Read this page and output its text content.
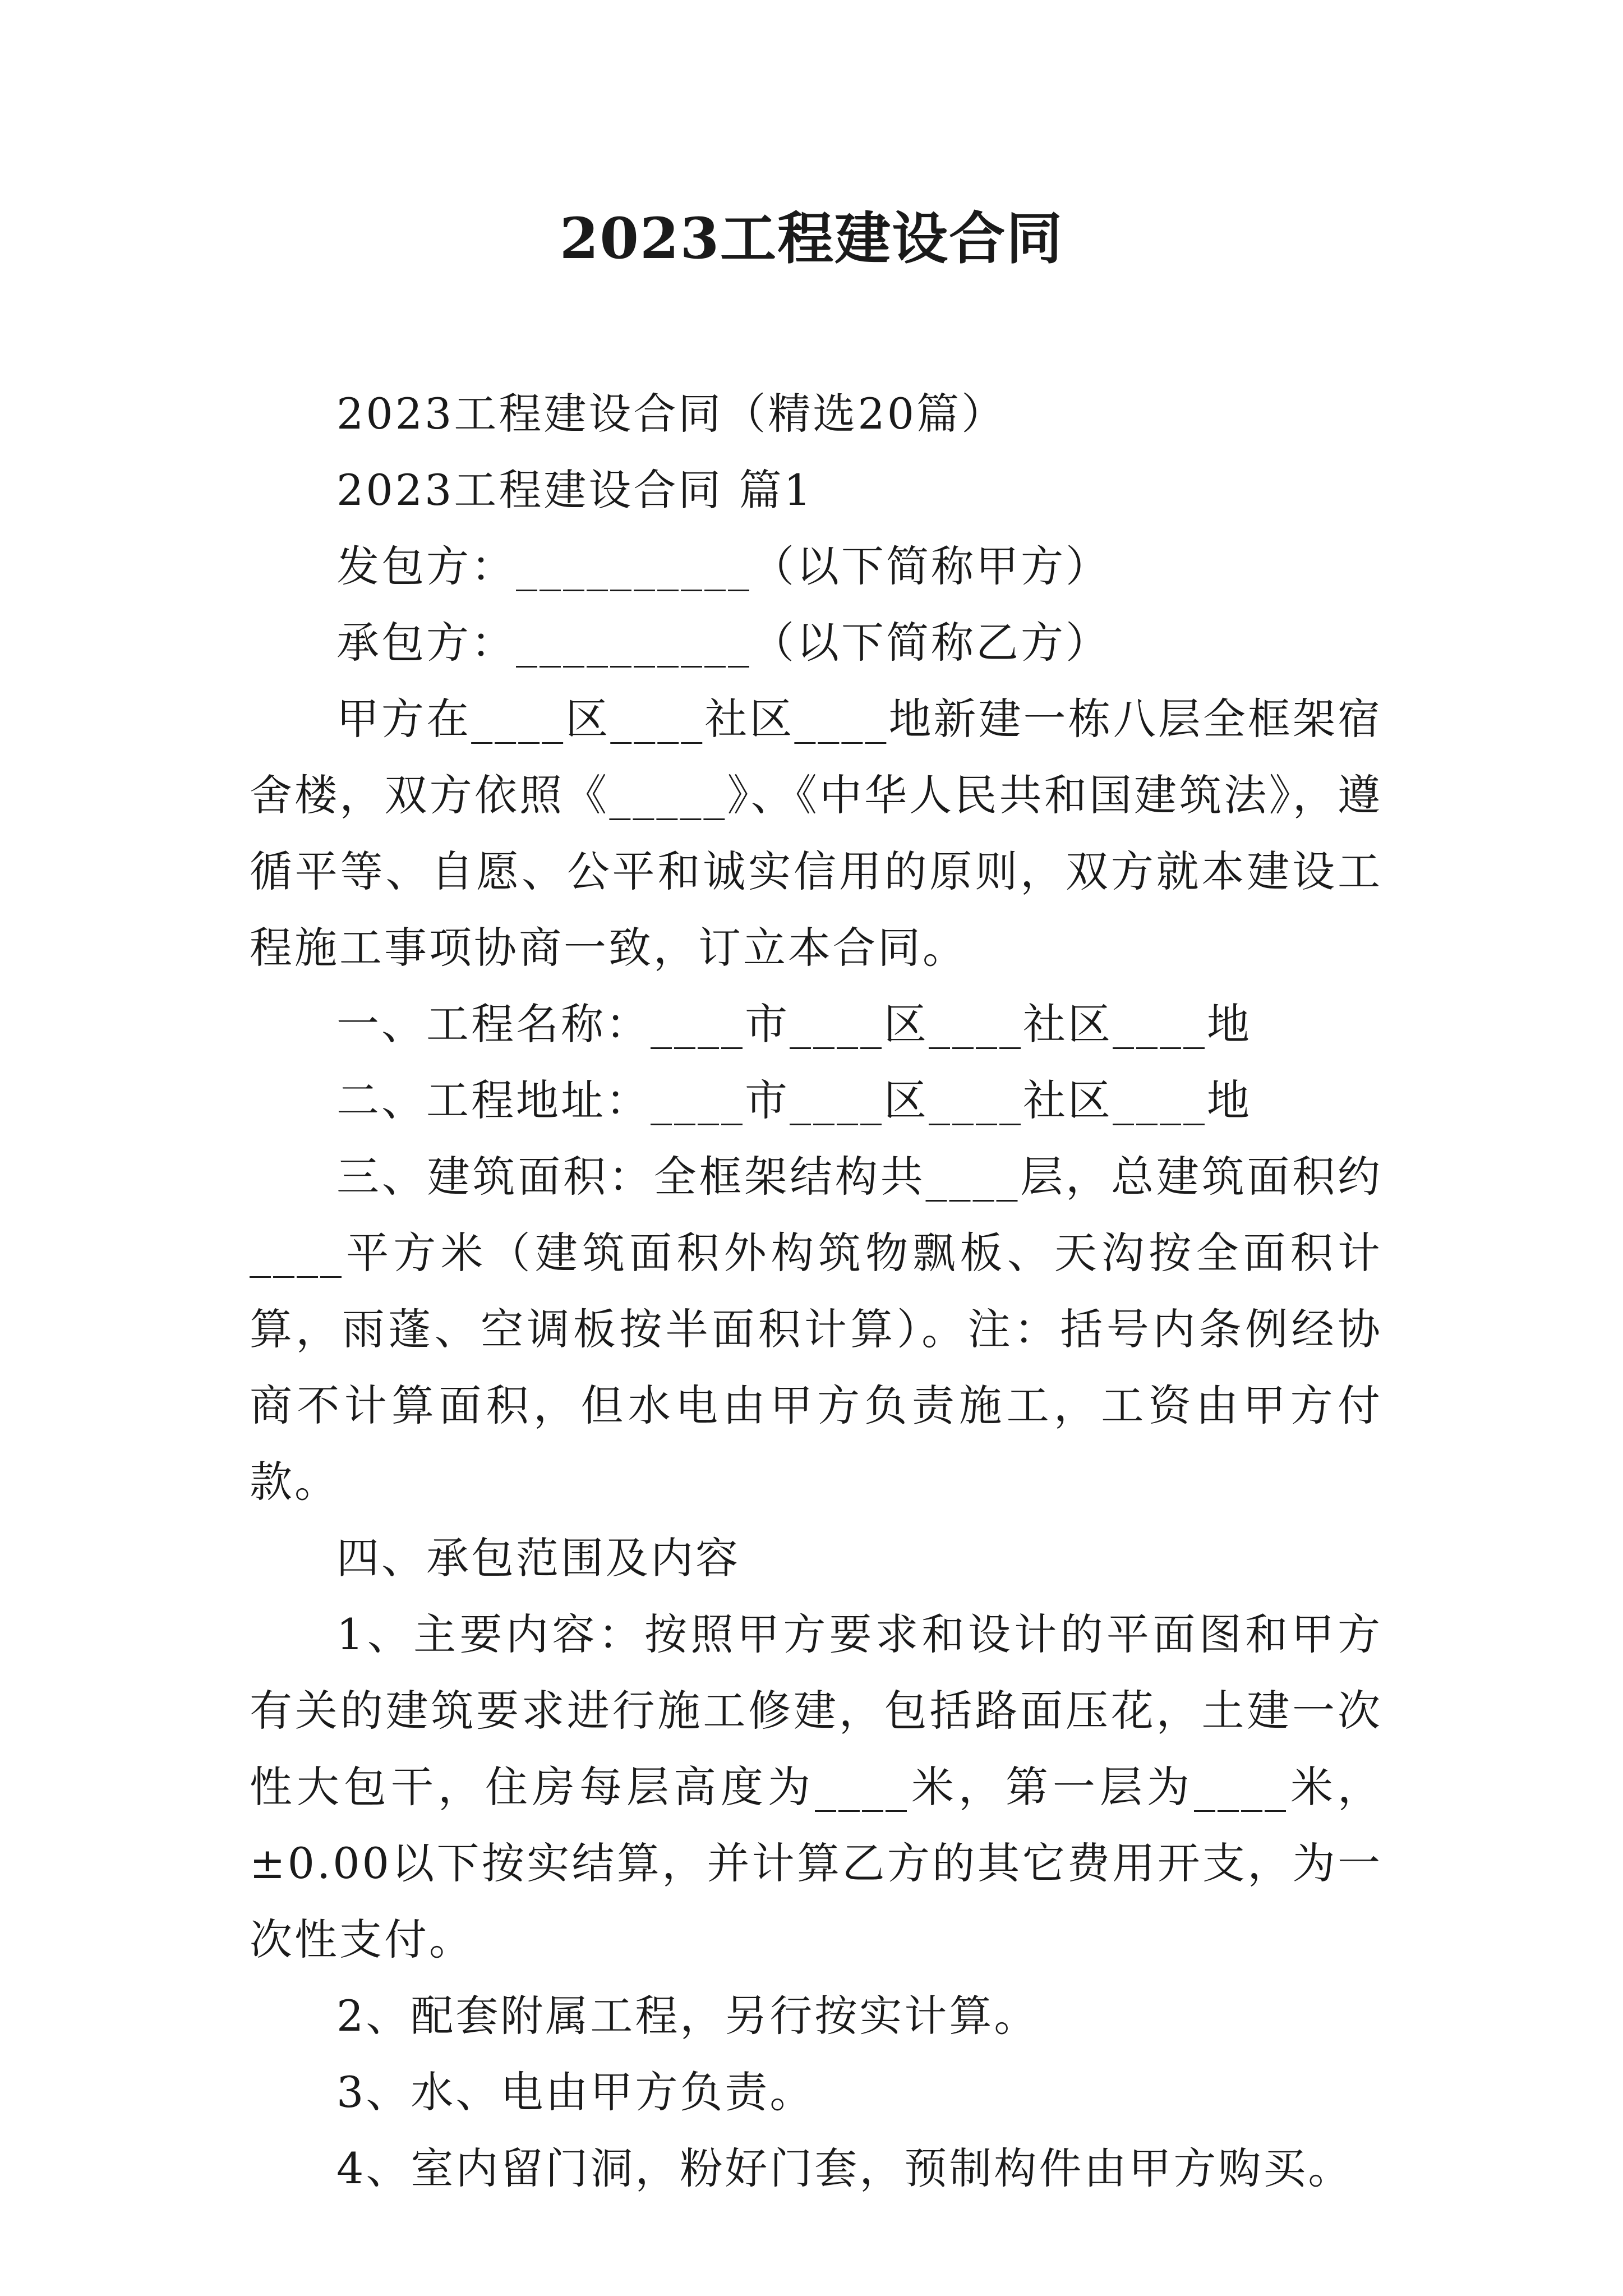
2023工程建设合同

2023工程建设合同（精选20篇）

2023工程建设合同 篇1

发包方：__________（以下简称甲方）

承包方：__________（以下简称乙方）

甲方在____区____社区____地新建一栋八层全框架宿舍楼，双方依照《_____》、《中华人民共和国建筑法》，遵循平等、自愿、公平和诚实信用的原则，双方就本建设工程施工事项协商一致，订立本合同。

一、工程名称：____市____区____社区____地

二、工程地址：____市____区____社区____地

三、建筑面积：全框架结构共____层，总建筑面积约____平方米（建筑面积外构筑物飘板、天沟按全面积计算，雨蓬、空调板按半面积计算）。注：括号内条例经协商不计算面积，但水电由甲方负责施工，工资由甲方付款。

四、承包范围及内容

1、主要内容：按照甲方要求和设计的平面图和甲方有关的建筑要求进行施工修建，包括路面压花，土建一次性大包干，住房每层高度为____米，第一层为____米，±0.00以下按实结算，并计算乙方的其它费用开支，为一次性支付。

2、配套附属工程，另行按实计算。

3、水、电由甲方负责。

4、室内留门洞，粉好门套，预制构件由甲方购买。
